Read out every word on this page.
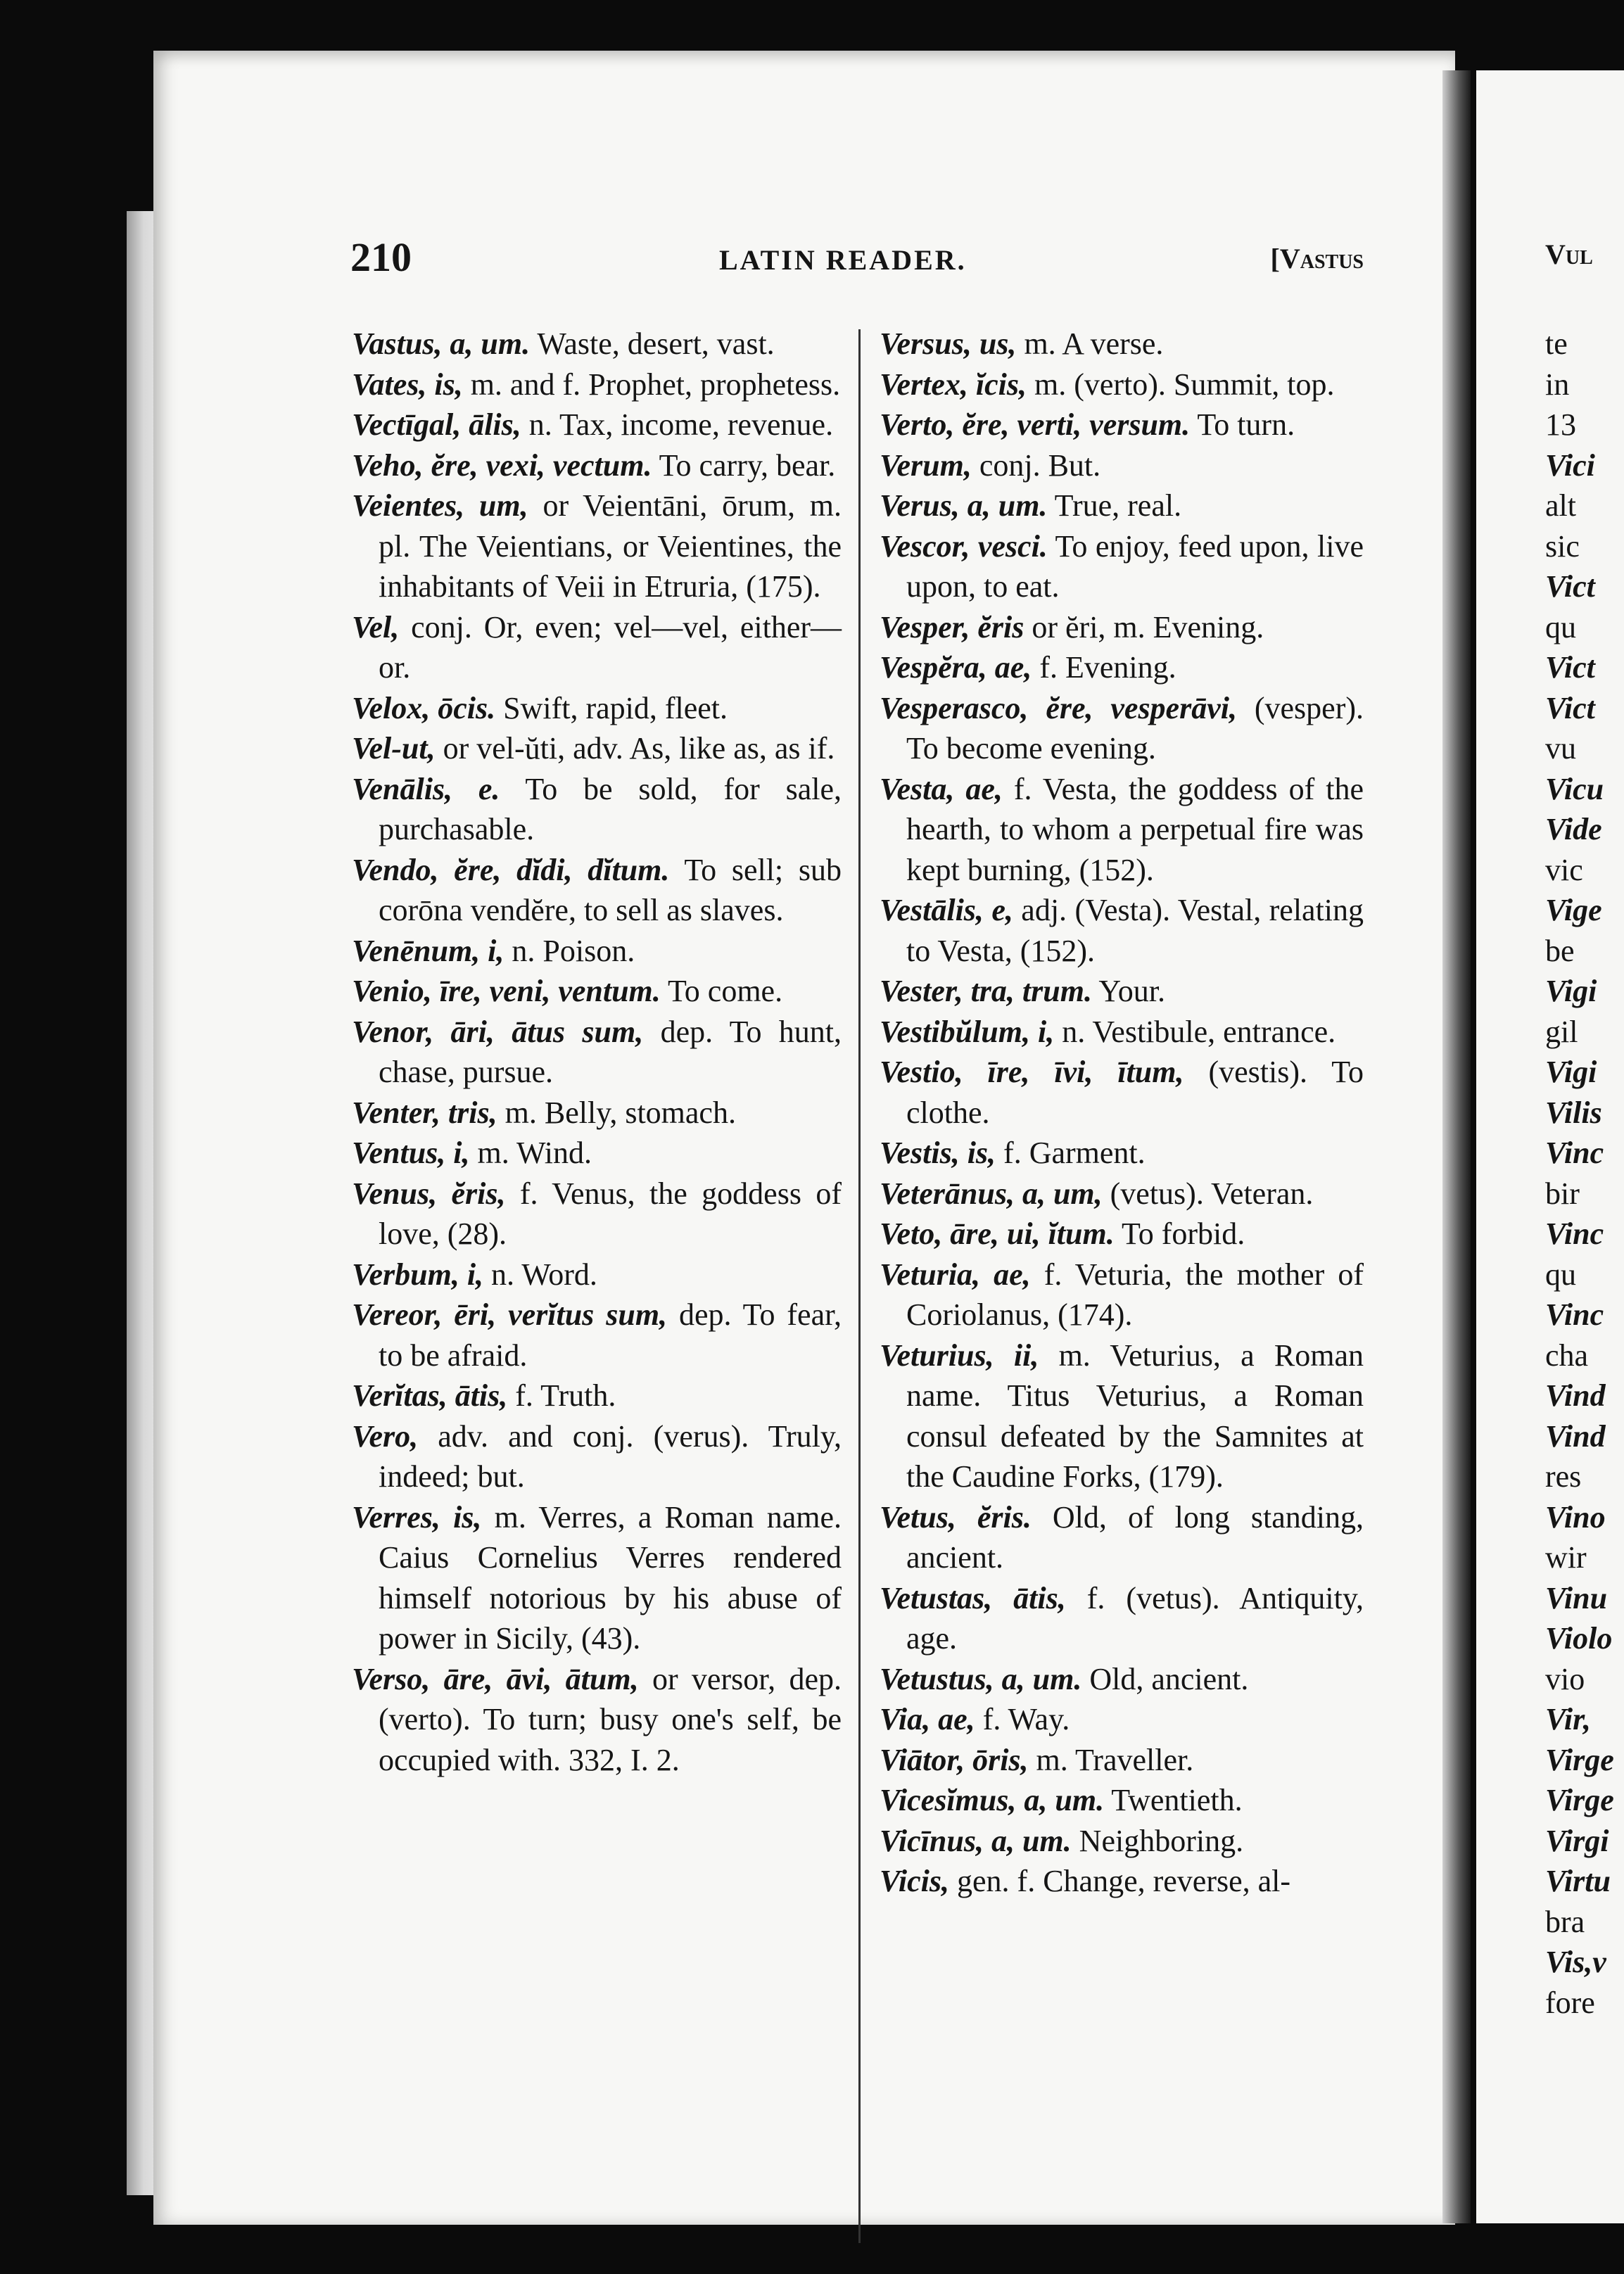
210	LATIN READER.	[Vastus

Vastus, a, um. Waste, desert, vast.

Vates, is, m. and f. Prophet, prophetess.

Vectīgal, ālis, n. Tax, income, revenue.

Veho, ĕre, vexi, vectum. To carry, bear.

Veientes, um, or Veientāni, ōrum, m. pl. The Veientians, or Veientines, the inhabitants of Veii in Etruria, (175).

Vel, conj. Or, even; vel—vel, either—or.

Velox, ōcis. Swift, rapid, fleet.

Vel-ut, or vel-ŭti, adv. As, like as, as if.

Venālis, e. To be sold, for sale, purchasable.

Vendo, ĕre, dĭdi, dĭtum. To sell; sub corōna vendĕre, to sell as slaves.

Venēnum, i, n. Poison.

Venio, īre, veni, ventum. To come.

Venor, āri, ātus sum, dep. To hunt, chase, pursue.

Venter, tris, m. Belly, stomach.

Ventus, i, m. Wind.

Venus, ĕris, f. Venus, the goddess of love, (28).

Verbum, i, n. Word.

Vereor, ēri, verĭtus sum, dep. To fear, to be afraid.

Verĭtas, ātis, f. Truth.

Vero, adv. and conj. (verus). Truly, indeed; but.

Verres, is, m. Verres, a Roman name. Caius Cornelius Verres rendered himself notorious by his abuse of power in Sicily, (43).

Verso, āre, āvi, ātum, or versor, dep. (verto). To turn; busy one's self, be occupied with. 332, I. 2.

Versus, us, m. A verse.

Vertex, ĭcis, m. (verto). Summit, top.

Verto, ĕre, verti, versum. To turn.

Verum, conj. But.

Verus, a, um. True, real.

Vescor, vesci. To enjoy, feed upon, live upon, to eat.

Vesper, ĕris or ĕri, m. Evening.

Vespĕra, ae, f. Evening.

Vesperasco, ĕre, vesperāvi, (vesper). To become evening.

Vesta, ae, f. Vesta, the goddess of the hearth, to whom a perpetual fire was kept burning, (152).

Vestālis, e, adj. (Vesta). Vestal, relating to Vesta, (152).

Vester, tra, trum. Your.

Vestibŭlum, i, n. Vestibule, entrance.

Vestio, īre, īvi, ītum, (vestis). To clothe.

Vestis, is, f. Garment.

Veterānus, a, um, (vetus). Veteran.

Veto, āre, ui, ĭtum. To forbid.

Veturia, ae, f. Veturia, the mother of Coriolanus, (174).

Veturius, ii, m. Veturius, a Roman name. Titus Veturius, a Roman consul defeated by the Samnites at the Caudine Forks, (179).

Vetus, ĕris. Old, of long standing, ancient.

Vetustas, ātis, f. (vetus). Antiquity, age.

Vetustus, a, um. Old, ancient.

Via, ae, f. Way.

Viātor, ōris, m. Traveller.

Vicesĭmus, a, um. Twentieth.

Vicīnus, a, um. Neighboring.

Vicis, gen. f. Change, reverse, al-

Vul
te
in
13
Vici
alt
sic
Vict
qu
Vict
Vict
vu
Vicu
Vide
vic
Vige
be
Vigi
gil
Vigi
Vilis
Vinc
bir
Vinc
qu
Vinc
cha
Vind
Vind
res
Vino
wir
Vinu
Violo
vio
Vir,
Virge
Virge
Virgi
Virtu
bra
Vis,v
fore
